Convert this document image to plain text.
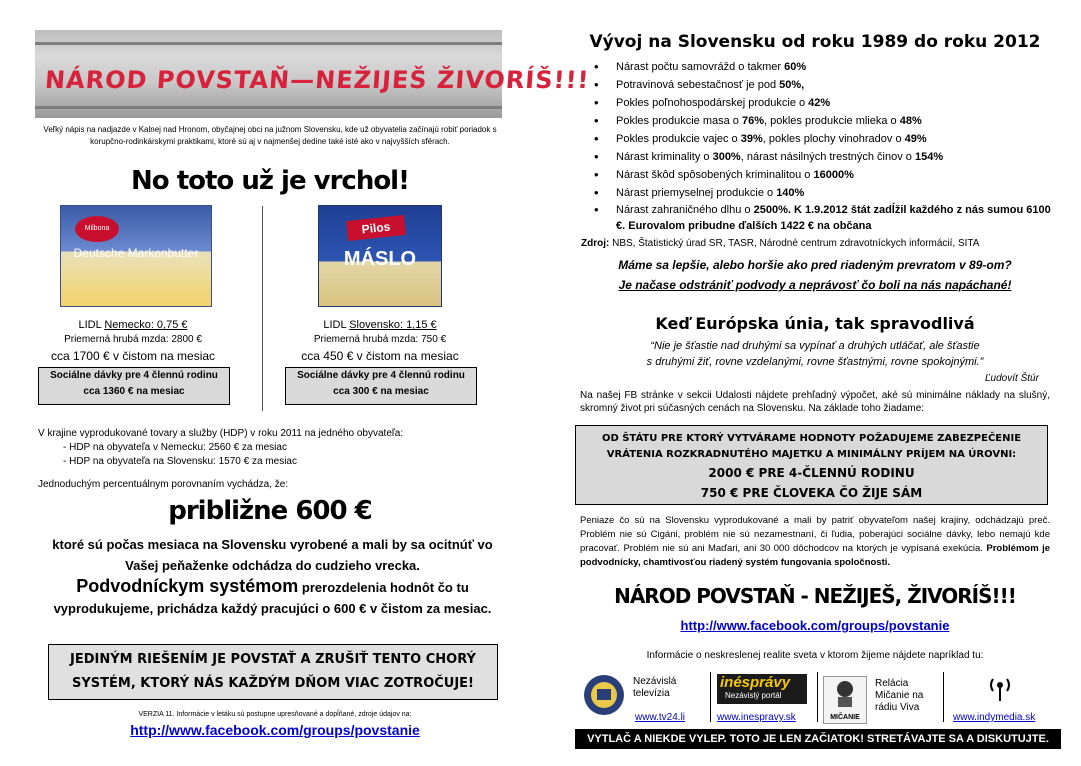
NÁROD POVSTAŇ—NEŽIJEŠ ŽIVORÍŠ!!!
Veľký nápis na nadjazde v Kalnej nad Hronom, obyčajnej obci na južnom Slovensku, kde už obyvatelia začínajú robiť poriadok s korupčno-rodinkárskymi praktikami, ktoré sú aj v najmenšej dedine také isté ako v najvyšších sférach.
No toto už je vrchol!
Milbona
Deutsche Markenbutter
Pilos
MÁSLO
LIDL Nemecko: 0,75 €
Priemerná hrubá mzda: 2800 €
cca 1700 € v čistom na mesiac
Sociálne dávky pre 4 člennú rodinu
cca 1360 € na mesiac
LIDL Slovensko: 1,15 €
Priemerná hrubá mzda: 750 €
cca 450 € v čistom na mesiac
Sociálne dávky pre 4 člennú rodinu
cca 300 € na mesiac
V krajine vyprodukované tovary a služby (HDP) v roku 2011 na jedného obyvateľa:
- HDP na obyvateľa v Nemecku: 2560 € za mesiac
- HDP na obyvateľa na Slovensku: 1570 € za mesiac
Jednoduchým percentuálnym porovnaním vychádza, že:
približne 600 €
ktoré sú počas mesiaca na Slovensku vyrobené a mali by sa ocitnúť vo Vašej peňaženke odchádza do cudzieho vrecka.
Podvodníckym systémom prerozdelenia hodnôt čo tu vyprodukujeme, prichádza každý pracujúci o 600 € v čistom za mesiac.
JEDINÝM RIEŠENÍM JE POVSTAŤ A ZRUŠIŤ TENTO CHORÝ
SYSTÉM, KTORÝ NÁS KAŽDÝM DŇOM VIAC ZOTROČUJE!
VERZIA 11. Informácie v letáku sú postupne upresňované a dopĺňané, zdroje údajov na:
http://www.facebook.com/groups/povstanie
Vývoj na Slovensku od roku 1989 do roku 2012
• Nárast počtu samovrážd o takmer 60%
• Potravinová sebestačnosť je pod 50%,
• Pokles poľnohospodárskej produkcie o 42%
• Pokles produkcie masa o 76%, pokles produkcie mlieka o 48%
• Pokles produkcie vajec o 39%, pokles plochy vinohradov o 49%
• Nárast kriminality o 300%, nárast násilných trestných činov o 154%
• Nárast škôd spôsobených kriminalitou o 16000%
• Nárast priemyselnej produkcie o 140%
• Nárast zahraničného dlhu o 2500%. K 1.9.2012 štát zadĺžil každého z nás sumou 6100 €. Eurovalom pribudne ďalších 1422 € na občana
Zdroj: NBS, Štatistický úrad SR, TASR, Národné centrum zdravotníckych informácií, SITA
Máme sa lepšie, alebo horšie ako pred riadeným prevratom v 89-om?
Je načase odstrániť podvody a neprávosť čo boli na nás napáchané!
Keď Európska únia, tak spravodlivá
“Nie je šťastie nad druhými sa vypínať a druhých utláčať, ale šťastie
s druhými žiť, rovne vzdelanými, rovne šťastnými, rovne spokojnými.”
Ľudovít Štúr
Na našej FB stránke v sekcii Udalosti nájdete prehľadný výpočet, aké sú minimálne náklady na slušný, skromný život pri súčasných cenách na Slovensku. Na základe toho žiadame:
OD ŠTÁTU PRE KTORÝ VYTVÁRAME HODNOTY POŽADUJEME ZABEZPEČENIE
VRÁTENIA ROZKRADNUTÉHO MAJETKU A MINIMÁLNY PRÍJEM NA ÚROVNI:
2000 € PRE 4-ČLENNÚ RODINU
750 € PRE ČLOVEKA ČO ŽIJE SÁM
Peniaze čo sú na Slovensku vyprodukované a mali by patriť obyvateľom našej krajiny, odchádzajú preč. Problém nie sú Cigáni, problém nie sú nezamestnaní, či ľudia, poberajúci sociálne dávky, lebo nemajú kde pracovať. Problém nie sú ani Maďari, ani 30 000 dôchodcov na ktorých je vypísaná exekúcia. Problémom je podvodnícky, chamtivosťou riadený systém fungovania spoločnosti.
NÁROD POVSTAŇ - NEŽIJEŠ, ŽIVORÍŠ!!!
http://www.facebook.com/groups/povstanie
Informácie o neskreslenej realite sveta v ktorom žijeme nájdete napríklad tu:
Nezávislá
televízia
www.tv24.li
inésprávy
Nezávislý portál
www.inespravy.sk	MIČANIE
Relácia
Mičanie na
rádiu Viva
www.indymedia.sk
VYTLAČ A NIEKDE VYLEP. TOTO JE LEN ZAČIATOK! STRETÁVAJTE SA A DISKUTUJTE.
